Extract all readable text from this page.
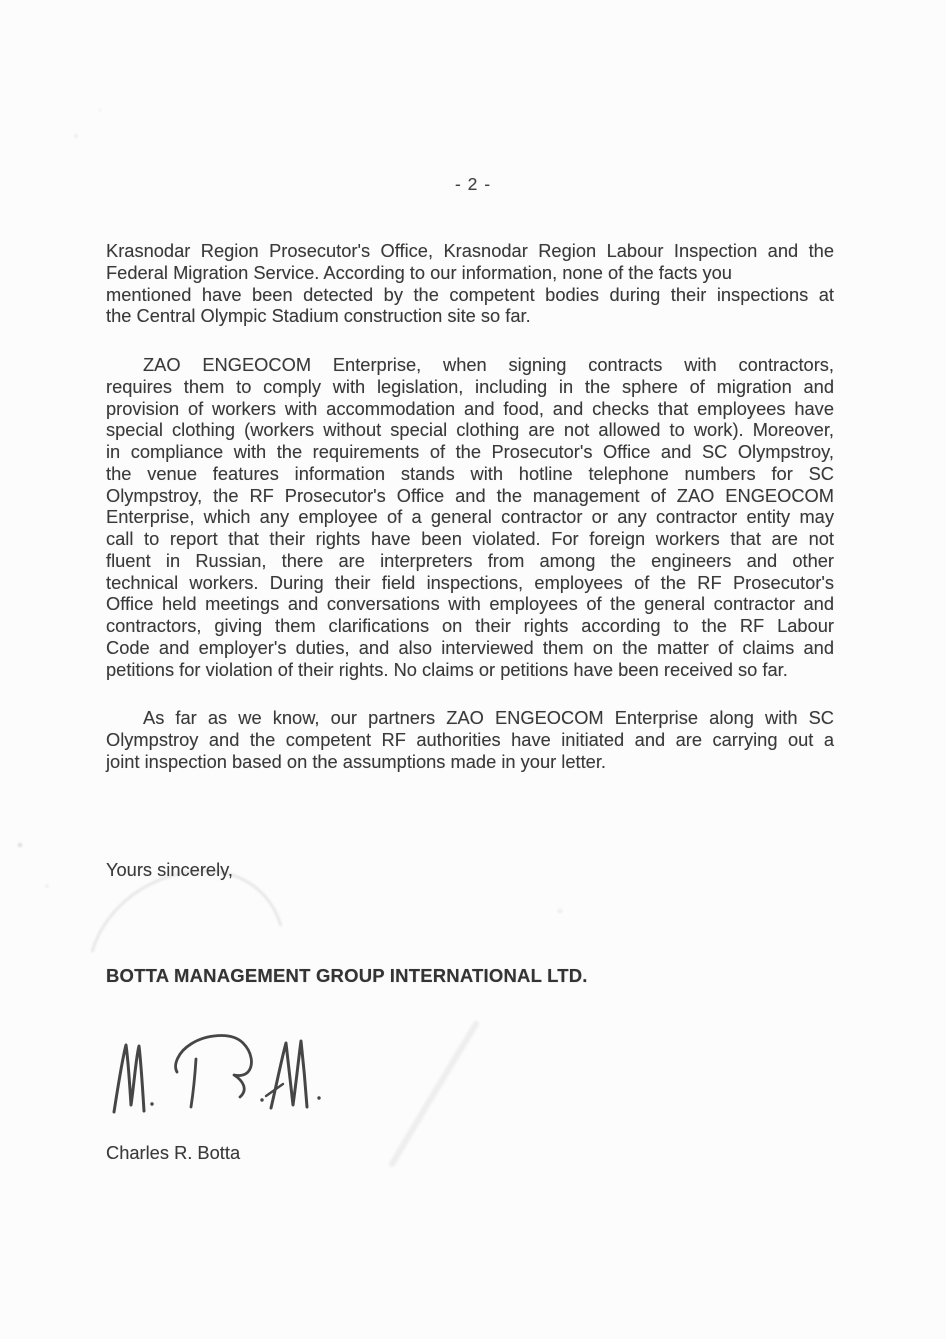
- 2 -
Krasnodar Region Prosecutor's Office, Krasnodar Region Labour Inspection and the
Federal Migration Service. According to our information, none of the facts you
mentioned have been detected by the competent bodies during their inspections at
the Central Olympic Stadium construction site so far.
ZAO ENGEOCOM Enterprise, when signing contracts with contractors,
requires them to comply with legislation, including in the sphere of migration and
provision of workers with accommodation and food, and checks that employees have
special clothing (workers without special clothing are not allowed to work). Moreover,
in compliance with the requirements of the Prosecutor's Office and SC Olympstroy,
the venue features information stands with hotline telephone numbers for SC
Olympstroy, the RF Prosecutor's Office and the management of ZAO ENGEOCOM
Enterprise, which any employee of a general contractor or any contractor entity may
call to report that their rights have been violated. For foreign workers that are not
fluent in Russian, there are interpreters from among the engineers and other
technical workers. During their field inspections, employees of the RF Prosecutor's
Office held meetings and conversations with employees of the general contractor and
contractors, giving them clarifications on their rights according to the RF Labour
Code and employer's duties, and also interviewed them on the matter of claims and
petitions for violation of their rights. No claims or petitions have been received so far.
As far as we know, our partners ZAO ENGEOCOM Enterprise along with SC
Olympstroy and the competent RF authorities have initiated and are carrying out a
joint inspection based on the assumptions made in your letter.
Yours sincerely,
BOTTA MANAGEMENT GROUP INTERNATIONAL LTD.
Charles R. Botta
